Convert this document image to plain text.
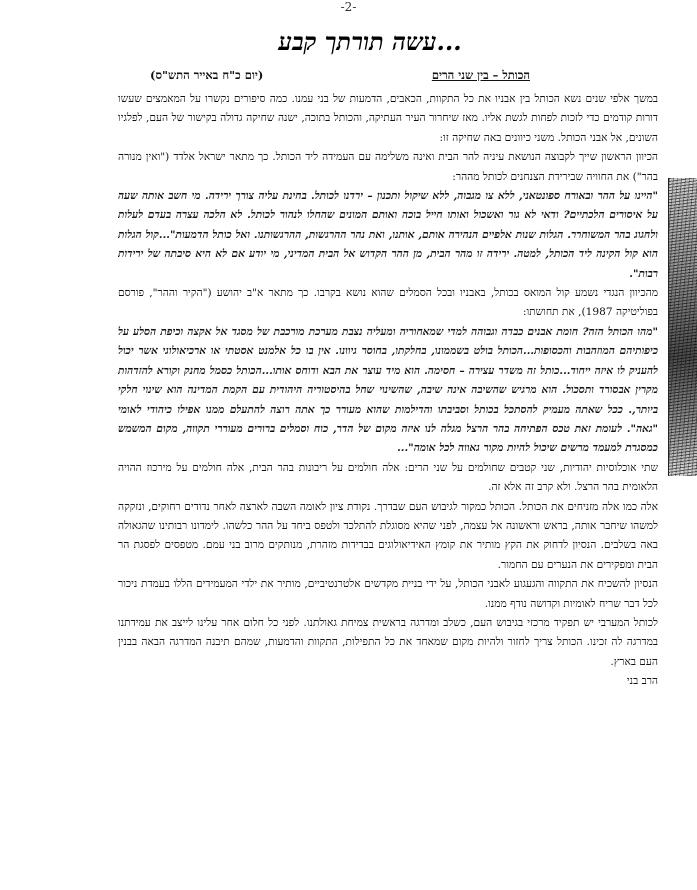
-2-
...עשה תורתך קבע
הכותל – בין שני הרים
(יום כ"ח באייר התש"ס)

במשך אלפי שנים נשא הכותל בין אבניו את כל התקוות, הכאבים, הדמעות של בני עמנו. כמה סיפורים נקשרו על המאמצים שעשו דורות קודמים כדי לזכות לפחות לגשת אליו. מאז שיחרור העיר העתיקה, והכותל בתוכה, ישנה שחיקה גדולה בקישור של העם, לפלגיו השונים, אל אבני הכותל. משני כיוונים באה שחיקה זו:

הכיוון הראשון שייך לקבוצה הנושאת עיניה להר הבית ואינה משלימה עם העמידה ליד הכותל. כך מתאר ישראל אלדד ("ואין מנורה בהר") את החוויה שבירידת הצנחנים לכותל מההר:

"היינו על ההר ובאורח ספונטאני, ללא צו מגבוה, ללא שיקול ותכנון – ירדנו לכותל. בחינת עליה צורך ירידה. מי חשב אותה שעה על איסורים הלכתיים? ודאי לא גור ואשכול ואותו חייל בוכה ואותם המונים שהחלו לנהור לכותל. לא הלכה עצרה בעדם לעלות ולחגוג בהר המשוחרר. הגלות שנות אלפיים הנהירה אותם, אותנו, ואת נהר ההרגשות, ההרגשותנו. ואל כותל הדמעות"...קול הגלות הוא קול הקינה ליד הכותל, למטה. ירידה זו מהר הבית, מן ההר הקדוש אל הבית המדיני, מי יודע אם לא היא סיבתה של ירידות רבות".

מהכיוון הנגדי נשמע קול המואס בכותל, באבניו ובכל הסמלים שהוא נושא בקרבו. כך מתאר א"ב יהושע ("הקיר וההר", פורסם בפוליטיקה 1987), את תחושתו:

"מהו הכותל הזה? חומת אבנים כבדה וגבוהה למדי שמאחוריה ומעליה נצבת מערכת מורכבת של מסגד אל אקצה וכיפת הסלע על כיפותיהם המוזהבות והכסופות...הכותל בולט בשממונו, בחלקתו, בחוסר גיוונו. אין בו כל אלמנט אסטתי או ארכיאולוגי אשר יכול להעניק לו איזה ייחוד...כותל זה משדר עצירה – חסימה. הוא מיד עוצר את הבא ודוחס אותו...הכותל כסמל מחנק וקורא להזדהות מקרין אבסורד ותסכול. הוא מרגיש שהשיבה אינה שיבה, שהשינוי שחל בהיסטוריה היהודית עם הקמת המדינה הוא שינוי חלקי ביותר,. ככל שאתה מעמיק להסתכל בכותל וסביבתו והדילמות שהוא מעורר כך אתה רוצה להתעלם ממנו אפילו כיהודי לאומי "גאה". לעומת זאת טכס הפתיחה בהר הרצל מגלה לנו איזה מקום של הדר, כוח וסמלים ברורים מעוררי תקווה, מקום המשמש כמסגרת למעמד מרשים שיכול להיות מקור גאווה לכל אומה"...

שתי אוכלוסיות יהודיות, שני קטבים שחולמים על שני הרים: אלה חולמים על ריבונות בהר הבית, אלה חולמים על מירכוז ההויה הלאומית בהר הרצל. ולא קרב זה אלא זה.

אלה כמו אלה מזניחים את הכותל. הכותל כמקור לגיבוש העם שבדרך. נקודת ציון לאומה השבה לארצה לאחר נדודים רחוקים, ונזקקה למשהו שיחבר אותה, בראש וראשונה אל עצמה, לפני שהיא מסוגלת להתלכד ולטפס ביחד על ההר כלשהו. לימדונו רבותינו שהגאולה באה בשלבים. הנסיון לדחוק את הקץ מותיר את קומץ האידיאולוגים בבדידות מזהרת, מנותקים מרוב בני עמם. מטפסים לפסגת הר הבית ומפקירים את הנערים עם החמור.

הנסיון להשכיח את התקווה והגעגוע לאבני הכותל, על ידי בניית מקדשים אלטרנטיביים, מותיר את ילדי המעמידים הללו בעמדת ניכור לכל דבר שריח לאומיות וקדושה נודף ממנו.

לכותל המערבי יש תפקיד מרכזי בגיבוש העם, כשלב ומדרגה בראשית צמיחת גאולתנו. לפני כל חלום אחר עלינו לייצב את עמידתנו במדרגה לה זכינו. הכותל צריך לחזור ולהיות מקום שמאחד את כל התפילות, התקוות והדמעות, שמהם תיבנה המדרגה הבאה בבנין העם בארץ.

הרב בני
